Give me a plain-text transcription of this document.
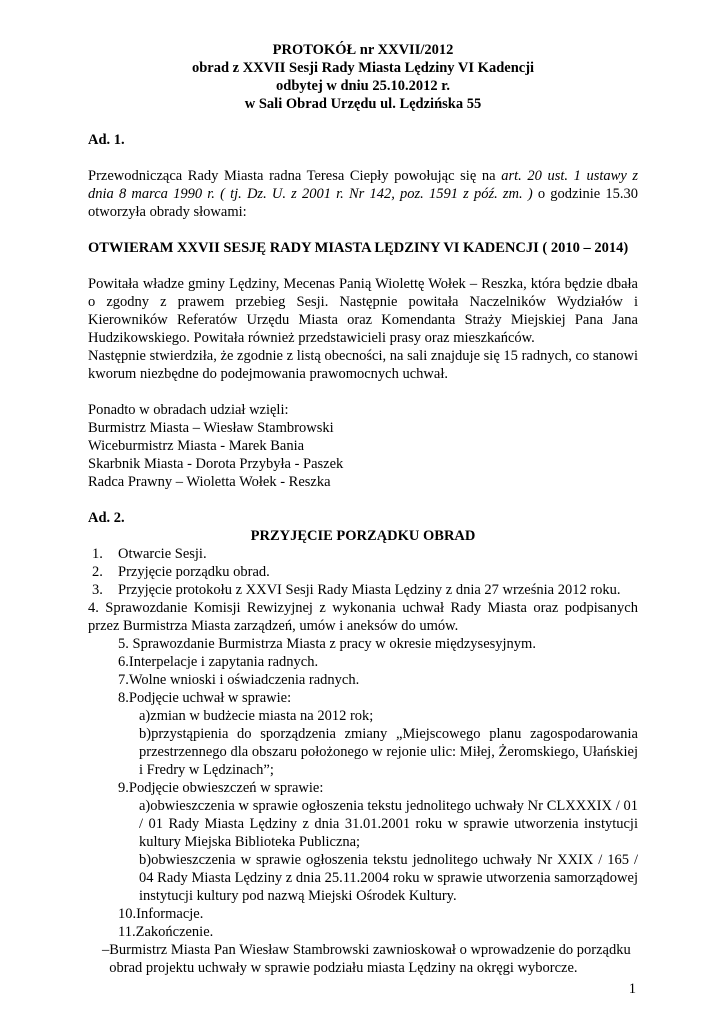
PROTOKÓŁ nr XXVII/2012

obrad z XXVII Sesji Rady Miasta Lędziny VI Kadencji

odbytej w dniu 25.10.2012 r.

w Sali Obrad Urzędu ul. Lędzińska 55

Ad. 1.

Przewodnicząca Rady Miasta radna Teresa Ciepły powołując się na art. 20 ust. 1 ustawy z dnia 8 marca 1990 r. ( tj. Dz. U. z 2001 r. Nr 142, poz. 1591 z póź. zm. ) o godzinie 15.30 otworzyła obrady słowami:

OTWIERAM XXVII SESJĘ RADY MIASTA LĘDZINY VI KADENCJI ( 2010 – 2014)

Powitała władze gminy Lędziny, Mecenas Panią Wiolettę Wołek – Reszka, która będzie dbała o zgodny z prawem przebieg Sesji. Następnie powitała Naczelników Wydziałów i Kierowników Referatów Urzędu Miasta oraz Komendanta Straży Miejskiej Pana Jana Hudzikowskiego. Powitała również przedstawicieli prasy oraz mieszkańców.

Następnie stwierdziła, że zgodnie z listą obecności, na sali znajduje się 15 radnych, co stanowi kworum niezbędne do podejmowania prawomocnych uchwał.

Ponadto w obradach udział wzięli:

Burmistrz Miasta – Wiesław Stambrowski

Wiceburmistrz Miasta - Marek Bania

Skarbnik Miasta - Dorota Przybyła - Paszek

Radca Prawny – Wioletta Wołek - Reszka

Ad. 2.

PRZYJĘCIE PORZĄDKU OBRAD

1.	Otwarcie Sesji.
2.	Przyjęcie porządku obrad.
3.	Przyjęcie protokołu z XXVI Sesji Rady Miasta Lędziny z dnia 27 września 2012 roku.

4. Sprawozdanie Komisji Rewizyjnej z wykonania uchwał Rady Miasta oraz podpisanych przez Burmistrza Miasta zarządzeń, umów i aneksów do umów.

5. Sprawozdanie Burmistrza Miasta z pracy w okresie międzysesyjnym.

6.Interpelacje i zapytania radnych.

7.Wolne wnioski i oświadczenia radnych.

8.Podjęcie uchwał w sprawie:

a)zmian w budżecie miasta na 2012 rok;

b)przystąpienia do sporządzenia zmiany „Miejscowego planu zagospodarowania przestrzennego dla obszaru położonego w rejonie ulic: Miłej, Żeromskiego, Ułańskiej i Fredry w Lędzinach”;

9.Podjęcie obwieszczeń w sprawie:

a)obwieszczenia w sprawie ogłoszenia tekstu jednolitego uchwały Nr CLXXXIX / 01 / 01 Rady Miasta Lędziny z dnia 31.01.2001 roku w sprawie utworzenia instytucji kultury Miejska Biblioteka Publiczna;

b)obwieszczenia w sprawie ogłoszenia tekstu jednolitego uchwały Nr XXIX / 165 / 04 Rady Miasta Lędziny z dnia 25.11.2004 roku w sprawie utworzenia samorządowej instytucji kultury pod nazwą Miejski Ośrodek Kultury.

10.Informacje.

11.Zakończenie.

– Burmistrz Miasta Pan Wiesław Stambrowski zawnioskował o wprowadzenie do porządku obrad projektu uchwały w sprawie podziału miasta Lędziny na okręgi wyborcze.
1
